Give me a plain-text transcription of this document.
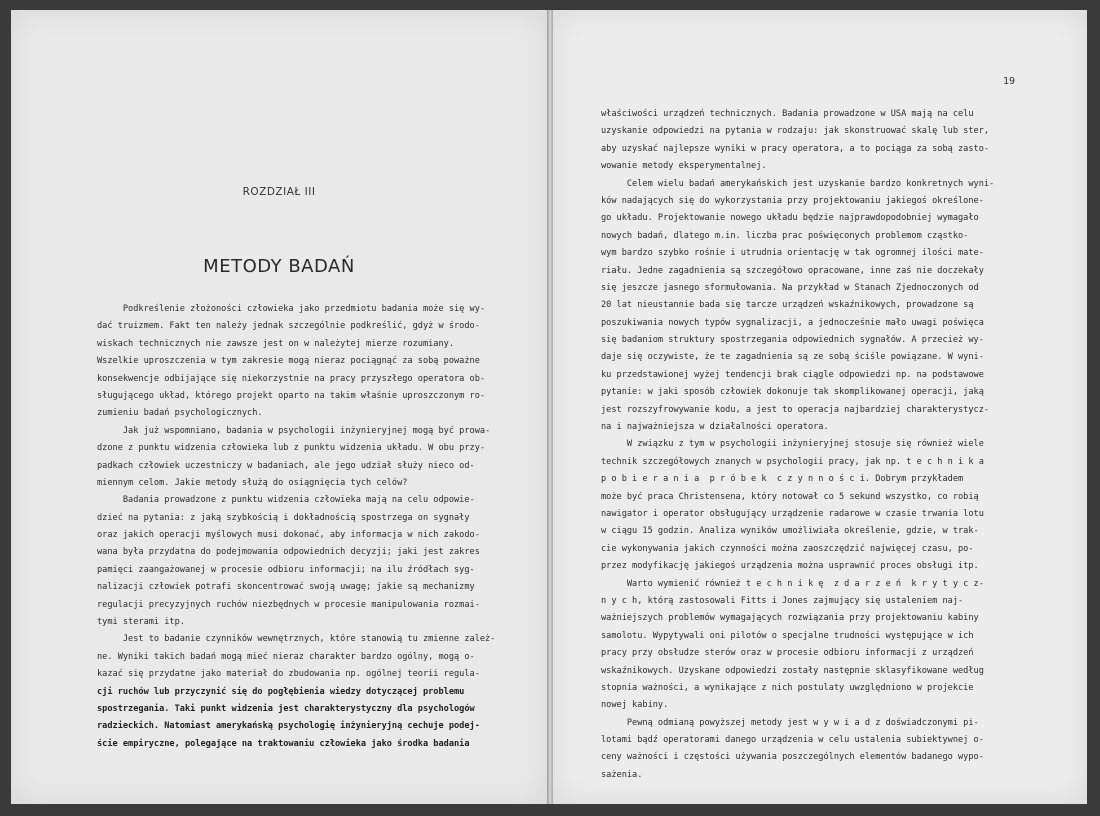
ROZDZIAŁ III
METODY BADAŃ
Podkreślenie złożoności człowieka jako przedmiotu badania może się wy-
dać truizmem. Fakt ten należy jednak szczególnie podkreślić, gdyż w środo-
wiskach technicznych nie zawsze jest on w należytej mierze rozumiany.
Wszelkie uproszczenia w tym zakresie mogą nieraz pociągnąć za sobą poważne
konsekwencje odbijające się niekorzystnie na pracy przyszłego operatora ob-
sługującego układ, którego projekt oparto na takim właśnie uproszczonym ro-
zumieniu badań psychologicznych.
Jak już wspomniano, badania w psychologii inżynieryjnej mogą być prowa-
dzone z punktu widzenia człowieka lub z punktu widzenia układu. W obu przy-
padkach człowiek uczestniczy w badaniach, ale jego udział służy nieco od-
miennym celom. Jakie metody służą do osiągnięcia tych celów?
Badania prowadzone z punktu widzenia człowieka mają na celu odpowie-
dzieć na pytania: z jaką szybkością i dokładnością spostrzega on sygnały
oraz jakich operacji myślowych musi dokonać, aby informacja w nich zakodo-
wana była przydatna do podejmowania odpowiednich decyzji; jaki jest zakres
pamięci zaangażowanej w procesie odbioru informacji; na ilu źródłach syg-
nalizacji człowiek potrafi skoncentrować swoją uwagę; jakie są mechanizmy
regulacji precyzyjnych ruchów niezbędnych w procesie manipulowania rozmai-
tymi sterami itp.
Jest to badanie czynników wewnętrznych, które stanowią tu zmienne zależ-
ne. Wyniki takich badań mogą mieć nieraz charakter bardzo ogólny, mogą o-
kazać się przydatne jako materiał do zbudowania np. ogólnej teorii regula-
cji ruchów lub przyczynić się do pogłębienia wiedzy dotyczącej problemu
spostrzegania. Taki punkt widzenia jest charakterystyczny dla psychologów
radzieckich. Natomiast amerykańską psychologię inżynieryjną cechuje podej-
ście empiryczne, polegające na traktowaniu człowieka jako środka badania
19
właściwości urządzeń technicznych. Badania prowadzone w USA mają na celu
uzyskanie odpowiedzi na pytania w rodzaju: jak skonstruować skalę lub ster,
aby uzyskać najlepsze wyniki w pracy operatora, a to pociąga za sobą zasto-
wowanie metody eksperymentalnej.
Celem wielu badań amerykańskich jest uzyskanie bardzo konkretnych wyni-
ków nadających się do wykorzystania przy projektowaniu jakiegoś określone-
go układu. Projektowanie nowego układu będzie najprawdopodobniej wymagało
nowych badań, dlatego m.in. liczba prac poświęconych problemom cząstko-
wym bardzo szybko rośnie i utrudnia orientację w tak ogromnej ilości mate-
riału. Jedne zagadnienia są szczegółowo opracowane, inne zaś nie doczekały
się jeszcze jasnego sformułowania. Na przykład w Stanach Zjednoczonych od
20 lat nieustannie bada się tarcze urządzeń wskaźnikowych, prowadzone są
poszukiwania nowych typów sygnalizacji, a jednocześnie mało uwagi poświęca
się badaniom struktury spostrzegania odpowiednich sygnałów. A przecież wy-
daje się oczywiste, że te zagadnienia są ze sobą ściśle powiązane. W wyni-
ku przedstawionej wyżej tendencji brak ciągle odpowiedzi np. na podstawowe
pytanie: w jaki sposób człowiek dokonuje tak skomplikowanej operacji, jaką
jest rozszyfrowywanie kodu, a jest to operacja najbardziej charakterystycz-
na i najważniejsza w działalności operatora.
W związku z tym w psychologii inżynieryjnej stosuje się również wiele
technik szczegółowych znanych w psychologii pracy, jak np. t e c h n i k a
p o b i e r a n i a  p r ó b e k  c z y n n o ś c i. Dobrym przykładem
może być praca Christensena, który notował co 5 sekund wszystko, co robią
nawigator i operator obsługujący urządzenie radarowe w czasie trwania lotu
w ciągu 15 godzin. Analiza wyników umożliwiała określenie, gdzie, w trak-
cie wykonywania jakich czynności można zaoszczędzić najwięcej czasu, po-
przez modyfikację jakiegoś urządzenia można usprawnić proces obsługi itp.
Warto wymienić również t e c h n i k ę  z d a r z e ń  k r y t y c z-
n y c h, którą zastosowali Fitts i Jones zajmujący się ustaleniem naj-
ważniejszych problemów wymagających rozwiązania przy projektowaniu kabiny
samolotu. Wypytywali oni pilotów o specjalne trudności występujące w ich
pracy przy obsłudze sterów oraz w procesie odbioru informacji z urządzeń
wskaźnikowych. Uzyskane odpowiedzi zostały następnie sklasyfikowane według
stopnia ważności, a wynikające z nich postulaty uwzględniono w projekcie
nowej kabiny.
Pewną odmianą powyższej metody jest w y w i a d z doświadczonymi pi-
lotami bądź operatorami danego urządzenia w celu ustalenia subiektywnej o-
ceny ważności i częstości używania poszczególnych elementów badanego wypo-
sażenia.
